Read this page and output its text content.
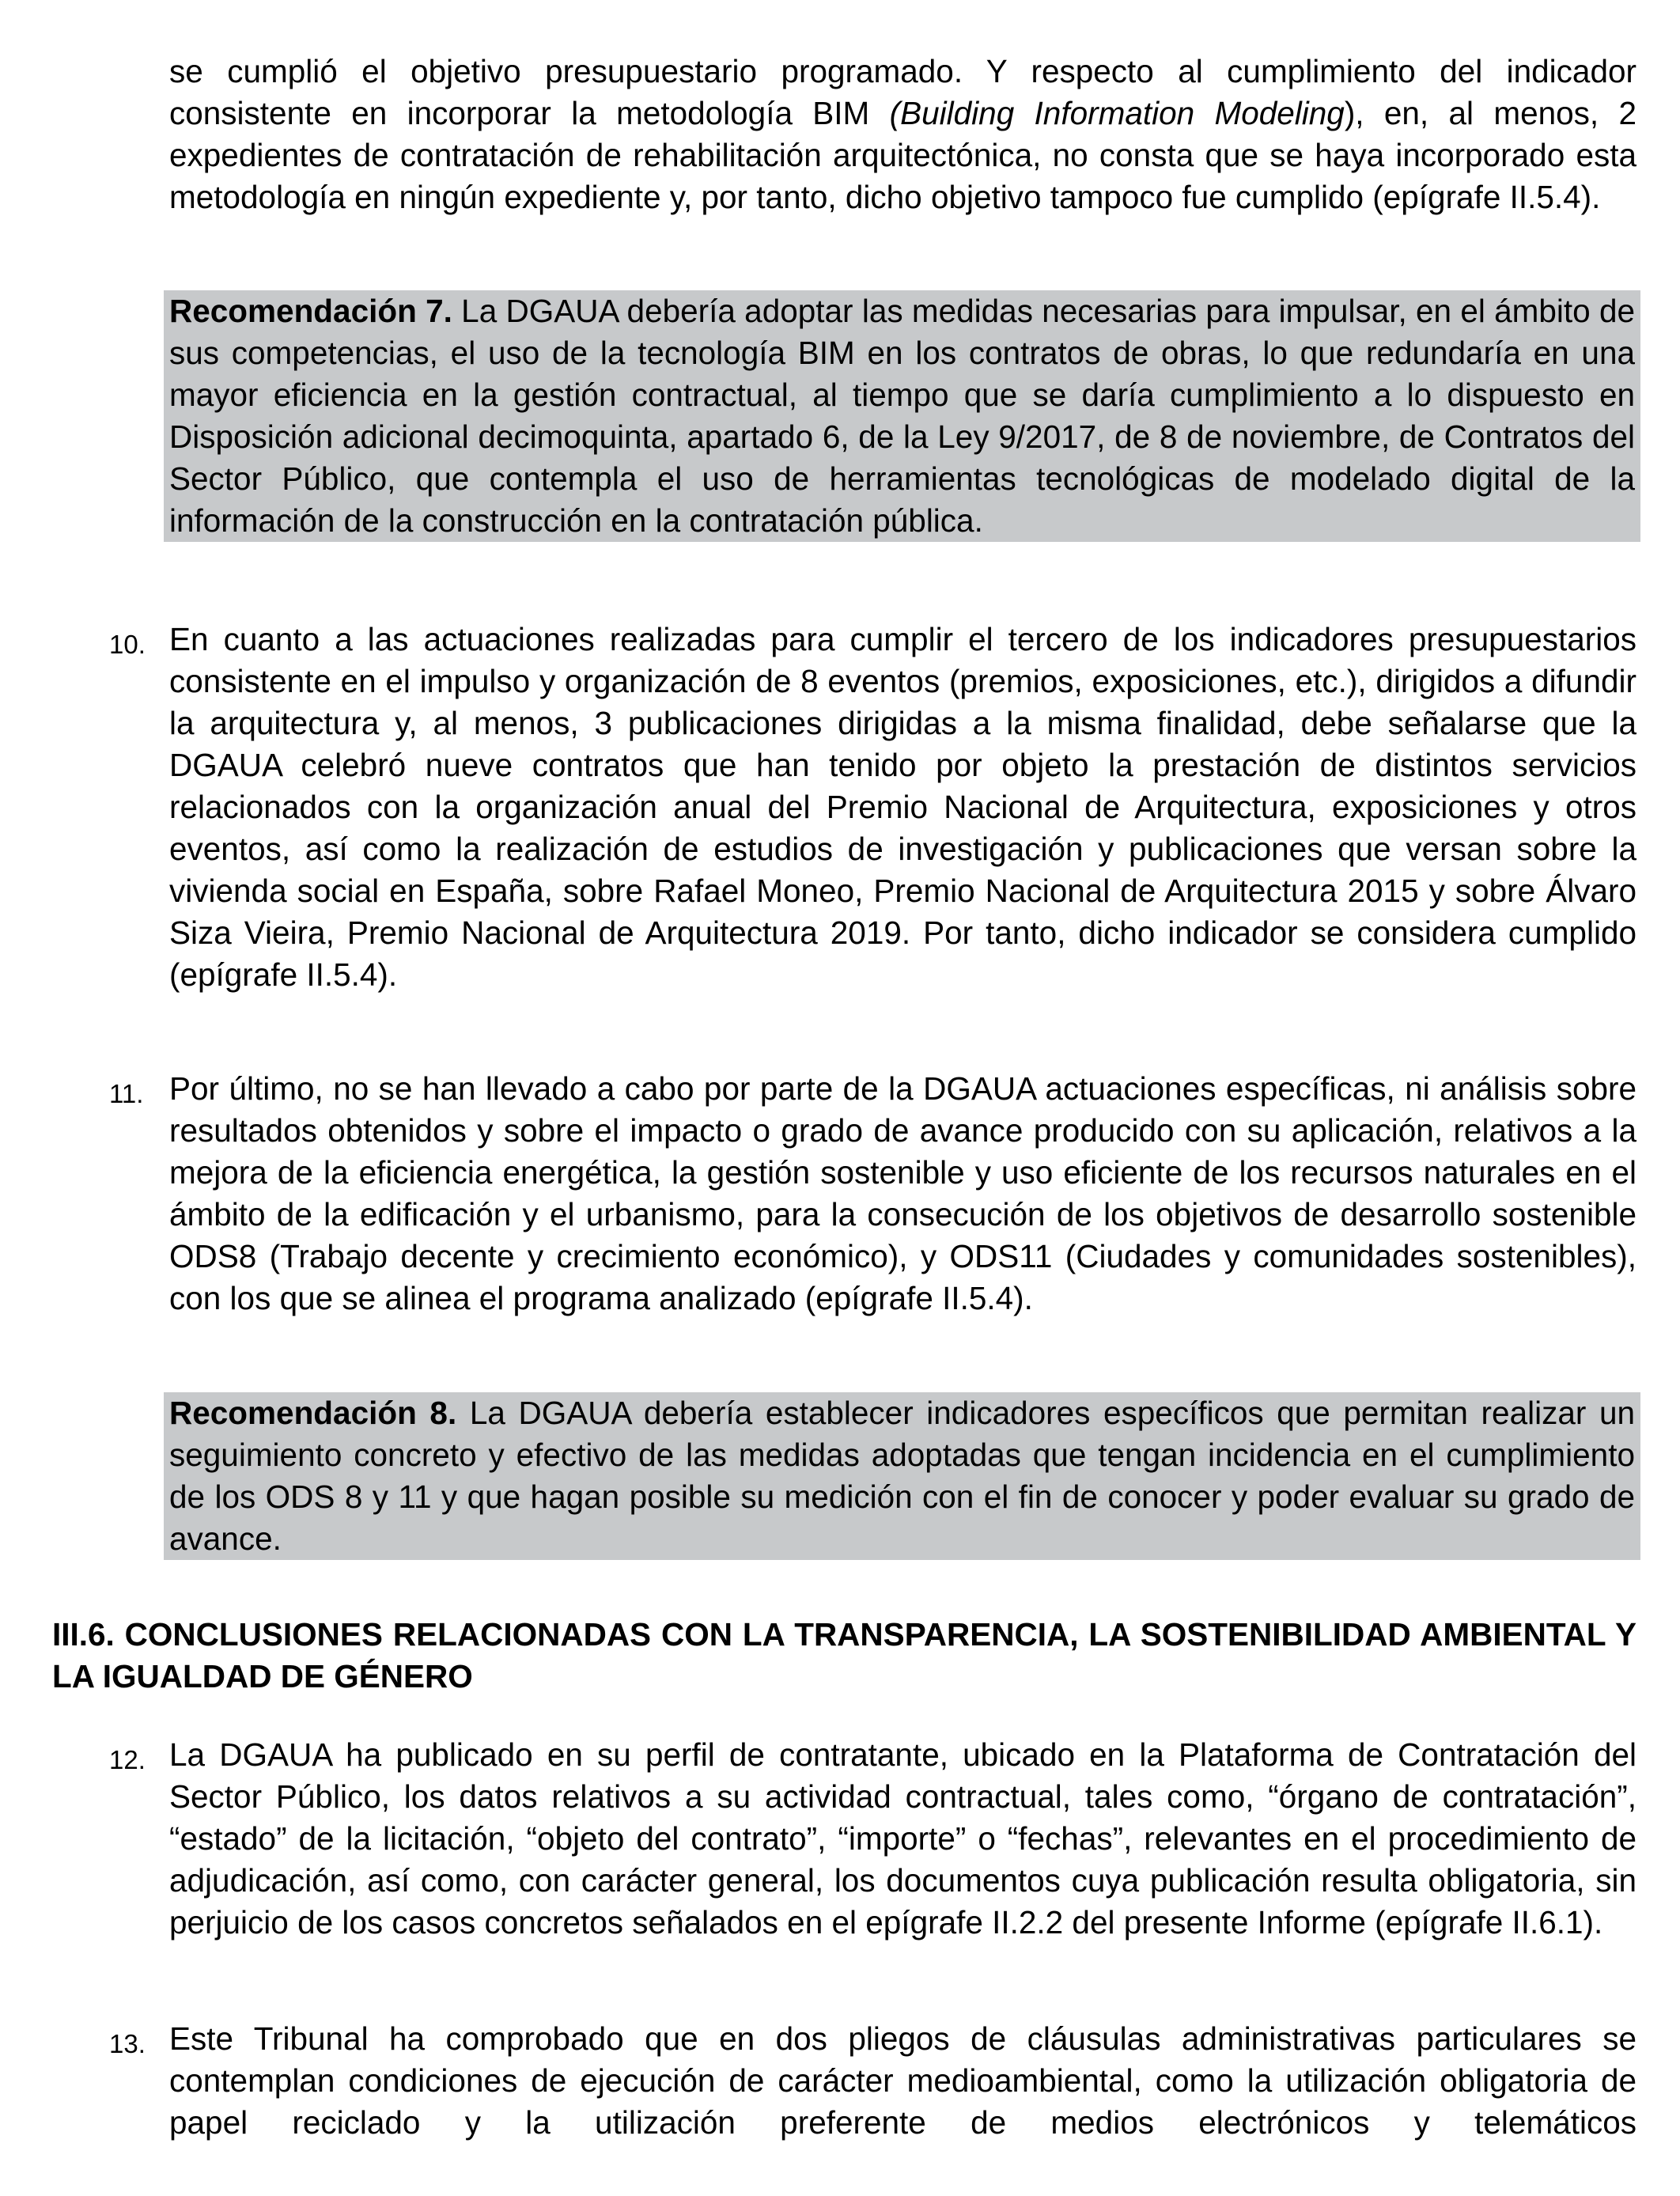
se cumplió el objetivo presupuestario programado. Y respecto al cumplimiento del indicador consistente en incorporar la metodología BIM (Building Information Modeling), en, al menos, 2 expedientes de contratación de rehabilitación arquitectónica, no consta que se haya incorporado esta metodología en ningún expediente y, por tanto, dicho objetivo tampoco fue cumplido (epígrafe II.5.4).

Recomendación 7. La DGAUA debería adoptar las medidas necesarias para impulsar, en el ámbito de sus competencias, el uso de la tecnología BIM en los contratos de obras, lo que redundaría en una mayor eficiencia en la gestión contractual, al tiempo que se daría cumplimiento a lo dispuesto en Disposición adicional decimoquinta, apartado 6, de la Ley 9/2017, de 8 de noviembre, de Contratos del Sector Público, que contempla el uso de herramientas tecnológicas de modelado digital de la información de la construcción en la contratación pública.
10. En cuanto a las actuaciones realizadas para cumplir el tercero de los indicadores presupuestarios consistente en el impulso y organización de 8 eventos (premios, exposiciones, etc.), dirigidos a difundir la arquitectura y, al menos, 3 publicaciones dirigidas a la misma finalidad, debe señalarse que la DGAUA celebró nueve contratos que han tenido por objeto la prestación de distintos servicios relacionados con la organización anual del Premio Nacional de Arquitectura, exposiciones y otros eventos, así como la realización de estudios de investigación y publicaciones que versan sobre la vivienda social en España, sobre Rafael Moneo, Premio Nacional de Arquitectura 2015 y sobre Álvaro Siza Vieira, Premio Nacional de Arquitectura 2019. Por tanto, dicho indicador se considera cumplido (epígrafe II.5.4).
11. Por último, no se han llevado a cabo por parte de la DGAUA actuaciones específicas, ni análisis sobre resultados obtenidos y sobre el impacto o grado de avance producido con su aplicación, relativos a la mejora de la eficiencia energética, la gestión sostenible y uso eficiente de los recursos naturales en el ámbito de la edificación y el urbanismo, para la consecución de los objetivos de desarrollo sostenible ODS8 (Trabajo decente y crecimiento económico), y ODS11 (Ciudades y comunidades sostenibles), con los que se alinea el programa analizado (epígrafe II.5.4).
Recomendación 8. La DGAUA debería establecer indicadores específicos que permitan realizar un seguimiento concreto y efectivo de las medidas adoptadas que tengan incidencia en el cumplimiento de los ODS 8 y 11 y que hagan posible su medición con el fin de conocer y poder evaluar su grado de avance.

III.6. CONCLUSIONES RELACIONADAS CON LA TRANSPARENCIA, LA SOSTENIBILIDAD AMBIENTAL Y LA IGUALDAD DE GÉNERO

12. La DGAUA ha publicado en su perfil de contratante, ubicado en la Plataforma de Contratación del Sector Público, los datos relativos a su actividad contractual, tales como, “órgano de contratación”, “estado” de la licitación, “objeto del contrato”, “importe” o “fechas”, relevantes en el procedimiento de adjudicación, así como, con carácter general, los documentos cuya publicación resulta obligatoria, sin perjuicio de los casos concretos señalados en el epígrafe II.2.2 del presente Informe (epígrafe II.6.1).
13. Este Tribunal ha comprobado que en dos pliegos de cláusulas administrativas particulares se contemplan condiciones de ejecución de carácter medioambiental, como la utilización obligatoria de papel reciclado y la utilización preferente de medios electrónicos y telemáticos
